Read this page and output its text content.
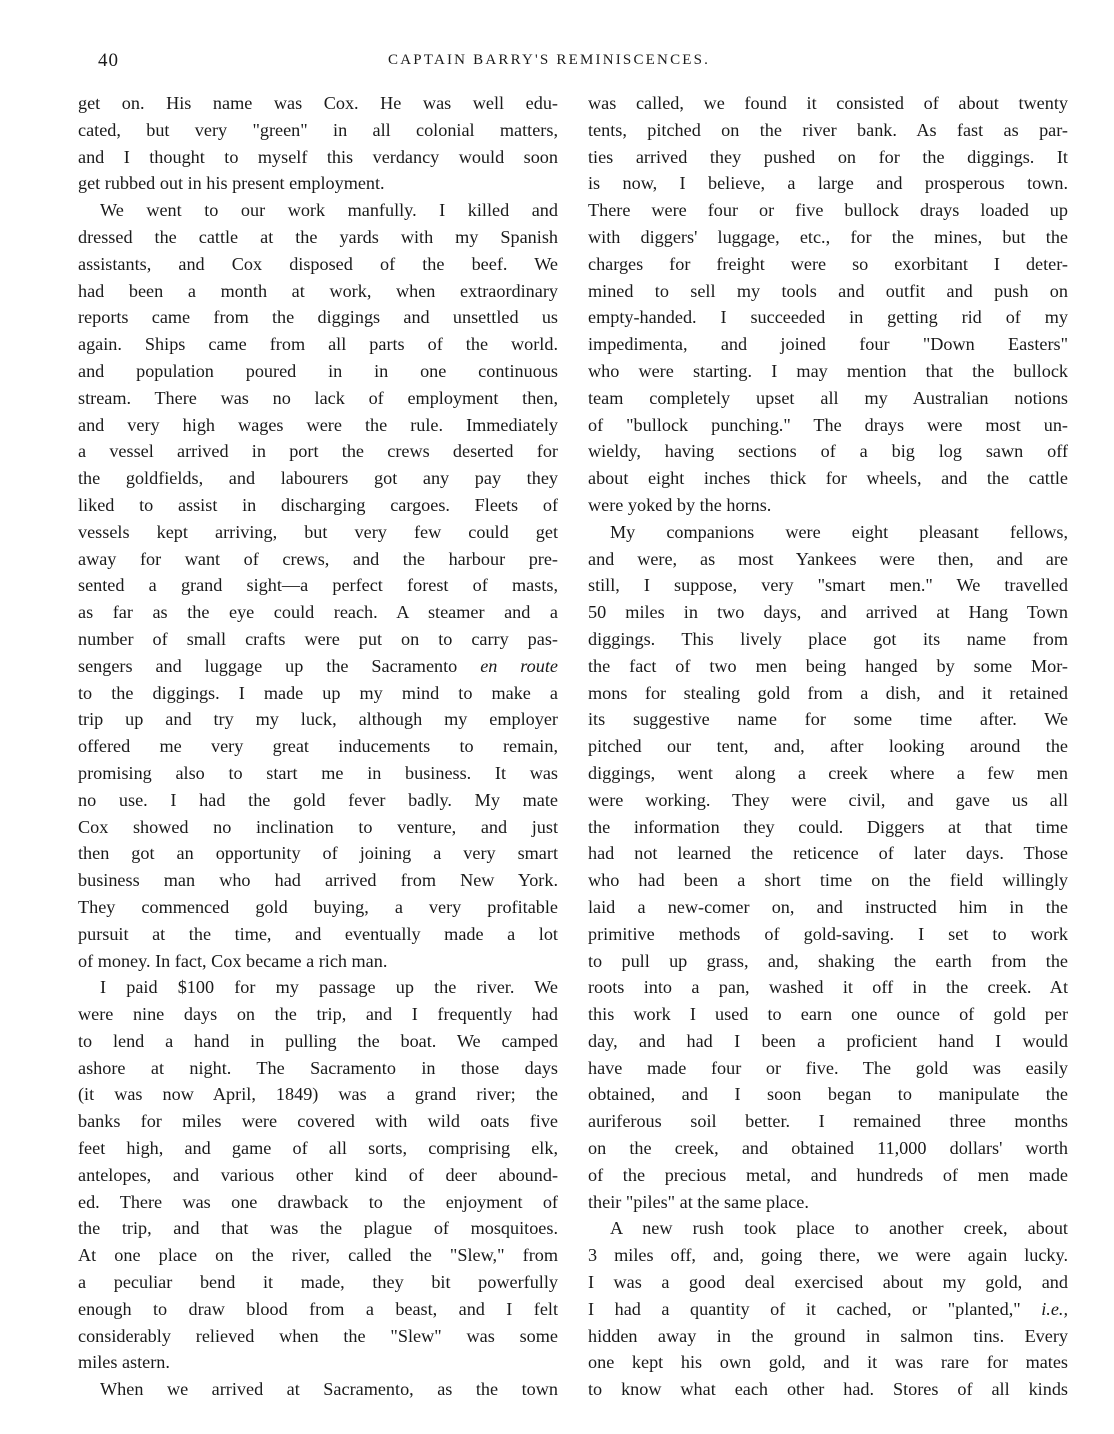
40	CAPTAIN BARRY'S REMINISCENCES.
get on. His name was Cox. He was well edu-
cated, but very "green" in all colonial matters,
and I thought to myself this verdancy would soon
get rubbed out in his present employment.
We went to our work manfully. I killed and
dressed the cattle at the yards with my Spanish
assistants, and Cox disposed of the beef. We
had been a month at work, when extraordinary
reports came from the diggings and unsettled us
again. Ships came from all parts of the world.
and population poured in in one continuous
stream. There was no lack of employment then,
and very high wages were the rule. Immediately
a vessel arrived in port the crews deserted for
the goldfields, and labourers got any pay they
liked to assist in discharging cargoes. Fleets of
vessels kept arriving, but very few could get
away for want of crews, and the harbour pre-
sented a grand sight—a perfect forest of masts,
as far as the eye could reach. A steamer and a
number of small crafts were put on to carry pas-
sengers and luggage up the Sacramento en route
to the diggings. I made up my mind to make a
trip up and try my luck, although my employer
offered me very great inducements to remain,
promising also to start me in business. It was
no use. I had the gold fever badly. My mate
Cox showed no inclination to venture, and just
then got an opportunity of joining a very smart
business man who had arrived from New York.
They commenced gold buying, a very profitable
pursuit at the time, and eventually made a lot
of money. In fact, Cox became a rich man.
I paid $100 for my passage up the river. We
were nine days on the trip, and I frequently had
to lend a hand in pulling the boat. We camped
ashore at night. The Sacramento in those days
(it was now April, 1849) was a grand river; the
banks for miles were covered with wild oats five
feet high, and game of all sorts, comprising elk,
antelopes, and various other kind of deer abound-
ed. There was one drawback to the enjoyment of
the trip, and that was the plague of mosquitoes.
At one place on the river, called the "Slew," from
a peculiar bend it made, they bit powerfully
enough to draw blood from a beast, and I felt
considerably relieved when the "Slew" was some
miles astern.
When we arrived at Sacramento, as the town
was called, we found it consisted of about twenty
tents, pitched on the river bank. As fast as par-
ties arrived they pushed on for the diggings. It
is now, I believe, a large and prosperous town.
There were four or five bullock drays loaded up
with diggers' luggage, etc., for the mines, but the
charges for freight were so exorbitant I deter-
mined to sell my tools and outfit and push on
empty-handed. I succeeded in getting rid of my
impedimenta, and joined four "Down Easters"
who were starting. I may mention that the bullock
team completely upset all my Australian notions
of "bullock punching." The drays were most un-
wieldy, having sections of a big log sawn off
about eight inches thick for wheels, and the cattle
were yoked by the horns.
My companions were eight pleasant fellows,
and were, as most Yankees were then, and are
still, I suppose, very "smart men." We travelled
50 miles in two days, and arrived at Hang Town
diggings. This lively place got its name from
the fact of two men being hanged by some Mor-
mons for stealing gold from a dish, and it retained
its suggestive name for some time after. We
pitched our tent, and, after looking around the
diggings, went along a creek where a few men
were working. They were civil, and gave us all
the information they could. Diggers at that time
had not learned the reticence of later days. Those
who had been a short time on the field willingly
laid a new-comer on, and instructed him in the
primitive methods of gold-saving. I set to work
to pull up grass, and, shaking the earth from the
roots into a pan, washed it off in the creek. At
this work I used to earn one ounce of gold per
day, and had I been a proficient hand I would
have made four or five. The gold was easily
obtained, and I soon began to manipulate the
auriferous soil better. I remained three months
on the creek, and obtained 11,000 dollars' worth
of the precious metal, and hundreds of men made
their "piles" at the same place.
A new rush took place to another creek, about
3 miles off, and, going there, we were again lucky.
I was a good deal exercised about my gold, and
I had a quantity of it cached, or "planted," i.e.,
hidden away in the ground in salmon tins. Every
one kept his own gold, and it was rare for mates
to know what each other had. Stores of all kinds
